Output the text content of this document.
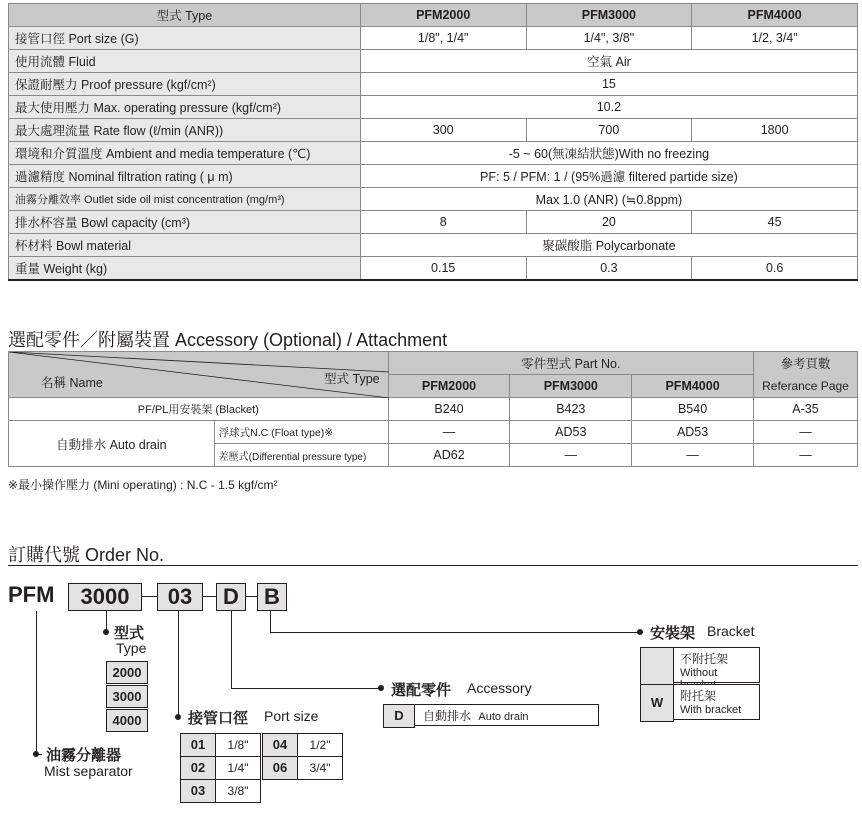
型式 Type	PFM2000	PFM3000	PFM4000
接管口徑 Port size (G)	1/8", 1/4"	1/4", 3/8"	1/2, 3/4"
使用流體 Fluid	空氣 Air		
保證耐壓力 Proof pressure (kgf/cm²)	15		
最大使用壓力 Max. operating pressure (kgf/cm²)	10.2		
最大處理流量 Rate flow (ℓ/min (ANR))	300	700	1800
環境和介質溫度 Ambient and media temperature (℃)	-5 ~ 60(無凍結狀態)With no freezing		
過濾精度 Nominal filtration rating ( μ m)	PF: 5 / PFM: 1 / (95%過濾 filtered partide size)		
油霧分離效率 Outlet side oil mist concentration (mg/m³)	Max 1.0 (ANR) (≒0.8ppm)		
排水杯容量 Bowl capacity (cm³)	8	20	45
杯材料 Bowl material	聚碳酸脂 Polycarbonate		
重量 Weight (kg)	0.15	0.3	0.6
選配零件／附屬裝置 Accessory (Optional) / Attachment
名稱 Name 型式 Type		零件型式 Part No.			參考頁數
		PFM2000	PFM3000	PFM4000	Referance Page
PF/PL用安裝架 (Blacket)		B240	B423	B540	A-35
自動排水 Auto drain	浮球式N.C (Float type)※	—	AD53	AD53	—
	差壓式(Differential pressure type)	AD62	—	—	—
※最小操作壓力 (Mini operating) : N.C - 1.5 kgf/cm²
訂購代號 Order No.
PFM	3000	03	D	B
油霧分離器
Mist separator
型式
Type
2000
3000
4000	接管口徑 Port size
01	1/8"	04	1/2"
02	1/4"	06	3/4"
03	3/8"
選配零件 Accessory
D	自動排水 Auto drain
安裝架 Bracket
不附托架
Without
W	附托架
With bracket
